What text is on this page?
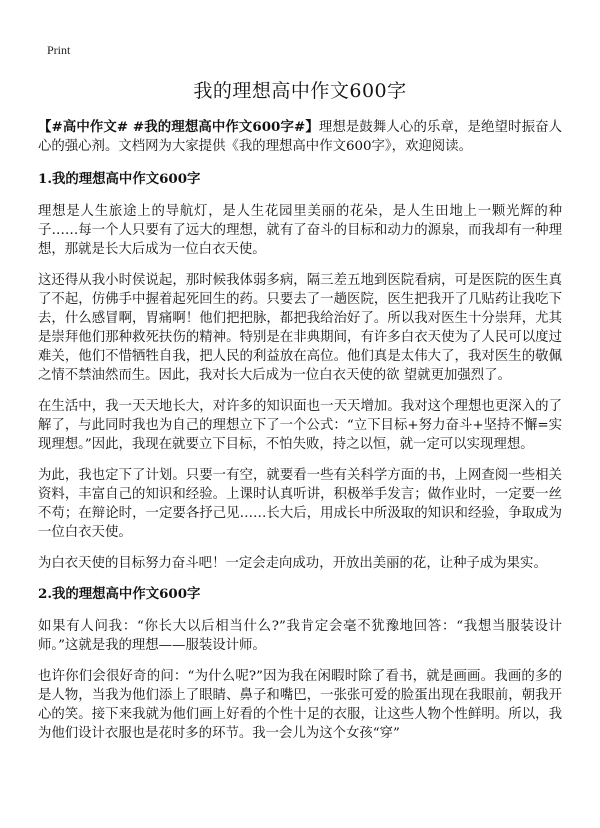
Print
我的理想高中作文600字

【#高中作文# #我的理想高中作文600字#】理想是鼓舞人心的乐章，是绝望时振奋人心的强心剂。文档网为大家提供《我的理想高中作文600字》，欢迎阅读。

1.我的理想高中作文600字

理想是人生旅途上的导航灯，是人生花园里美丽的花朵，是人生田地上一颗光辉的种子……每一个人只要有了远大的理想，就有了奋斗的目标和动力的源泉，而我却有一种理想，那就是长大后成为一位白衣天使。

这还得从我小时侯说起，那时候我体弱多病，隔三差五地到医院看病，可是医院的医生真了不起，仿佛手中握着起死回生的药。只要去了一趟医院，医生把我开了几贴药让我吃下去，什么感冒啊，胃痛啊！他们把把脉，都把我给治好了。所以我对医生十分崇拜，尤其是崇拜他们那种救死扶伤的精神。特别是在非典期间，有许多白衣天使为了人民可以度过难关，他们不惜牺牲自我，把人民的利益放在高位。他们真是太伟大了，我对医生的敬佩之情不禁油然而生。因此，我对长大后成为一位白衣天使的欲 望就更加强烈了。

在生活中，我一天天地长大，对许多的知识面也一天天增加。我对这个理想也更深入的了解了，与此同时我也为自己的理想立下了一个公式：“立下目标+努力奋斗+坚持不懈=实现理想。”因此，我现在就要立下目标，不怕失败，持之以恒，就一定可以实现理想。

为此，我也定下了计划。只要一有空，就要看一些有关科学方面的书，上网查阅一些相关资料，丰富自己的知识和经验。上课时认真听讲，积极举手发言；做作业时，一定要一丝不苟；在辩论时，一定要各抒己见……长大后，用成长中所汲取的知识和经验，争取成为一位白衣天使。

为白衣天使的目标努力奋斗吧！一定会走向成功，开放出美丽的花，让种子成为果实。

2.我的理想高中作文600字

如果有人问我：“你长大以后相当什么?”我肯定会毫不犹豫地回答：“我想当服装设计师。”这就是我的理想——服装设计师。

也许你们会很好奇的问：“为什么呢?”因为我在闲暇时除了看书，就是画画。我画的多的是人物，当我为他们添上了眼睛、鼻子和嘴巴，一张张可爱的脸蛋出现在我眼前，朝我开心的笑。接下来我就为他们画上好看的个性十足的衣服，让这些人物个性鲜明。所以，我为他们设计衣服也是花时多的环节。我一会儿为这个女孩“穿”
